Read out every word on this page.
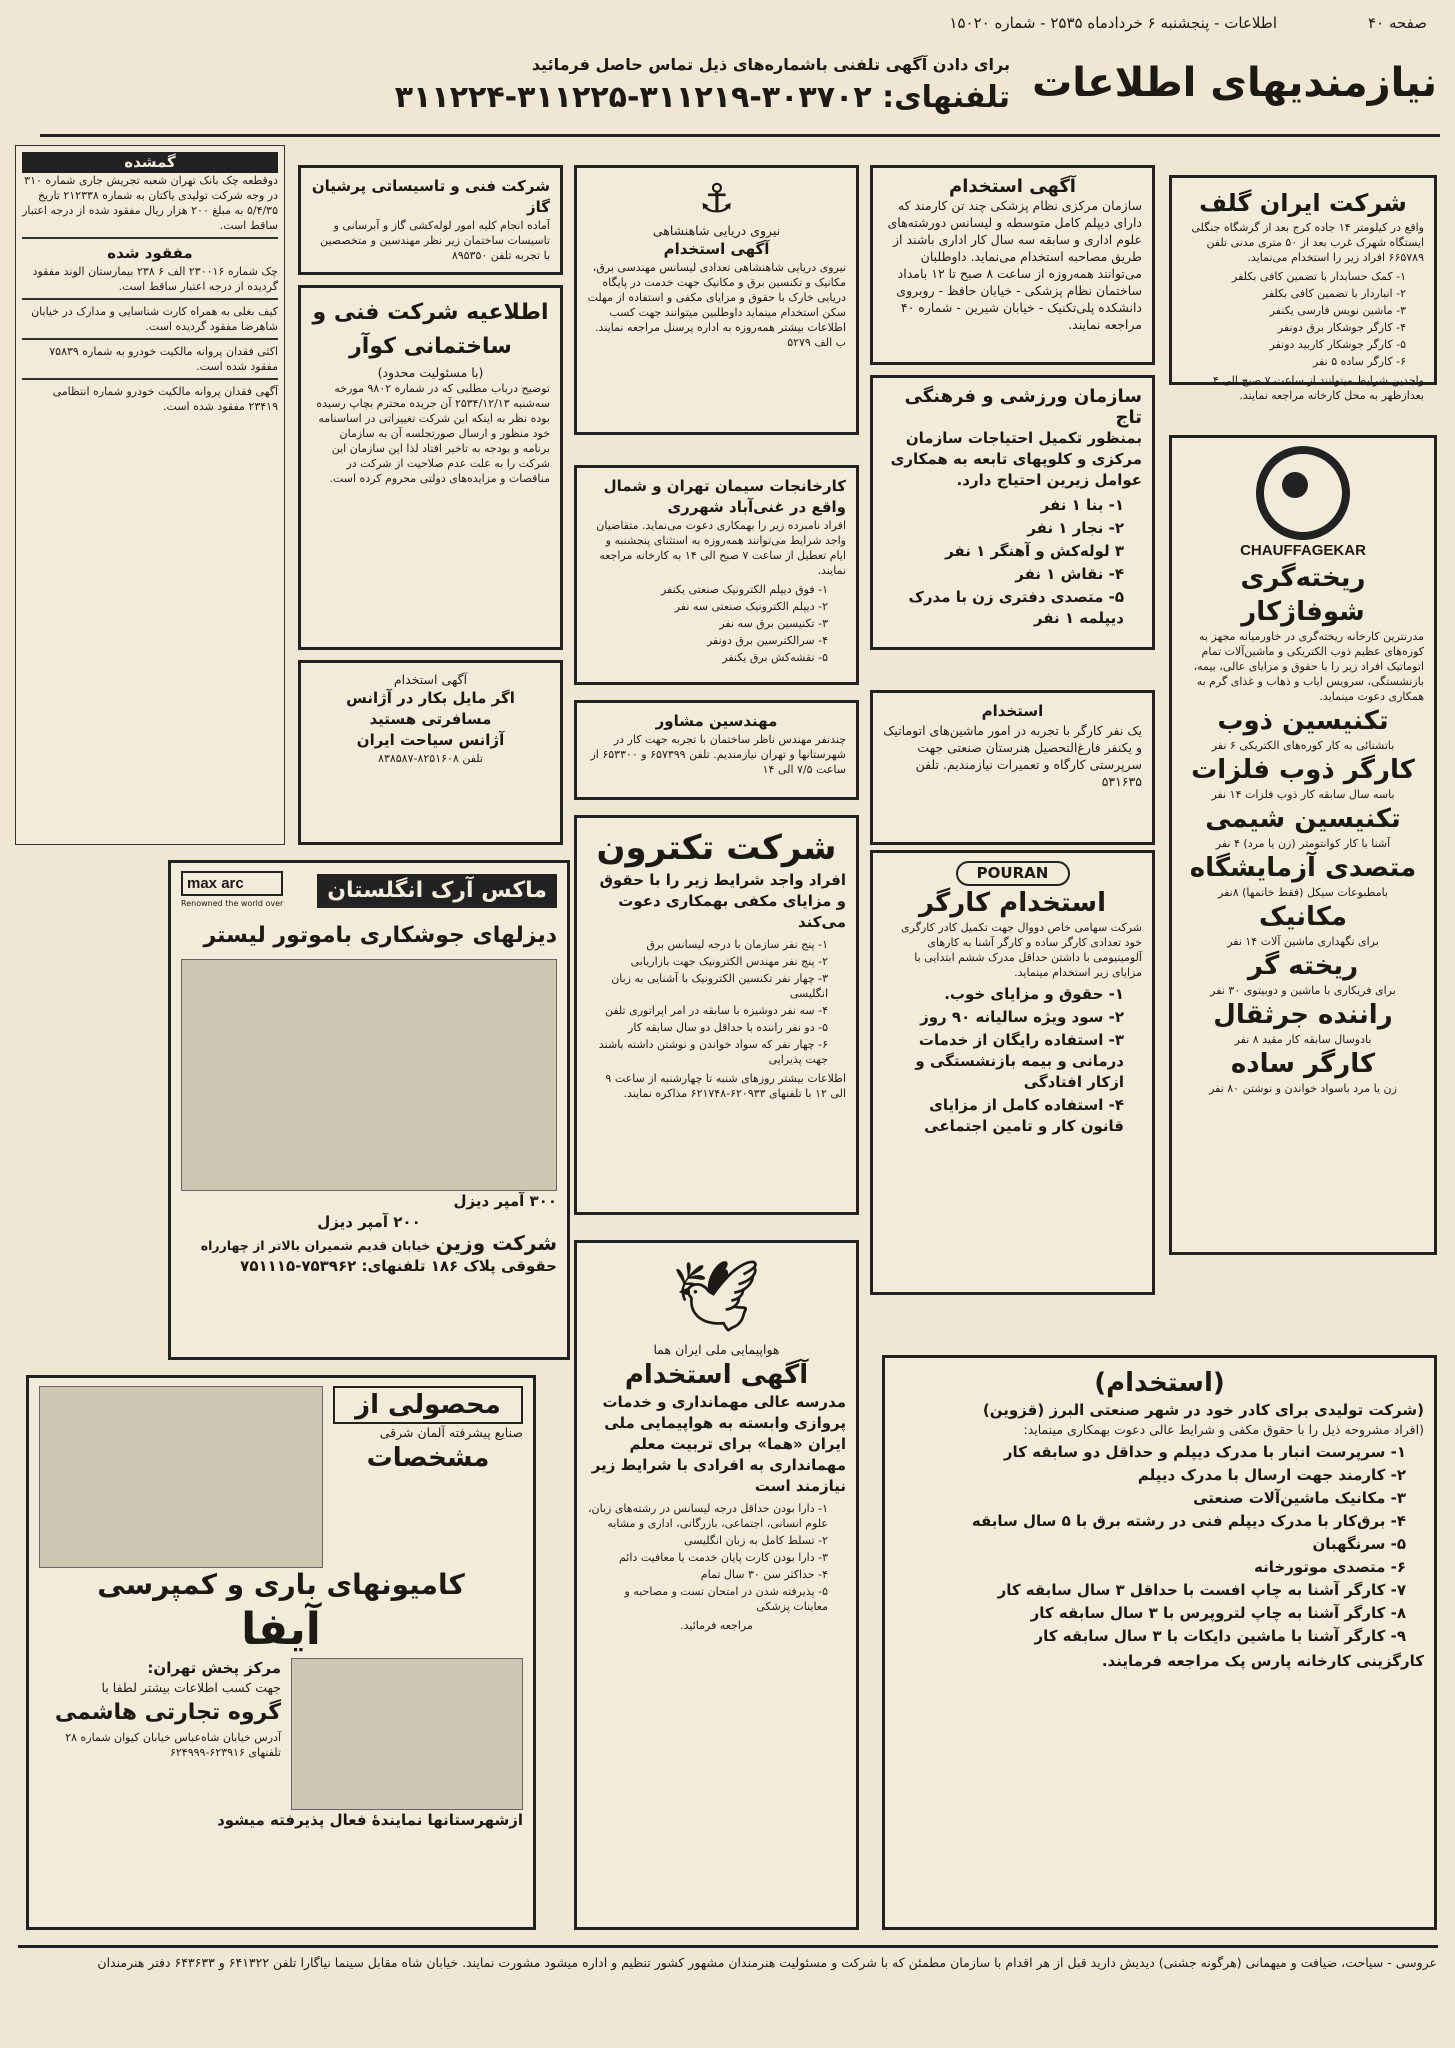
صفحه ۴۰
اطلاعات - پنجشنبه ۶ خردادماه ۲۵۳۵ - شماره ۱۵۰۲۰
نیازمندیهای اطلاعات
برای دادن آگهی تلفنی باشماره‌های ذیل تماس حاصل فرمائید
تلفنهای: ۳۰۳۷۰۲-۳۱۱۲۱۹-۳۱۱۲۲۵-۳۱۱۲۲۴
شرکت ایران گلف
واقع در کیلومتر ۱۴ جاده کرج بعد از گرشگاه جنگلی ایستگاه شهرک غرب بعد از ۵۰ متری مدنی تلفن ۶۶۵۷۸۹ افراد زیر را استخدام می‌نماید.
۱- کمک حسابدار با تضمین کافی بکلفر
۲- انباردار با تضمین کافی بکلفر
۳- ماشین نویس فارسی یکنفر
۴- کارگر جوشکار برق دونفر
۵- کارگر جوشکار کاربید دونفر
۶- کارگر ساده ۵ نفر
واجدین شرایط میتوانند از ساعت ۷ صبح الی ۴ بعدازظهر به محل کارخانه مراجعه نمایند.
CHAUFFAGEKAR
ریخته‌گری شوفاژکار
مدرنترین کارخانه ریخته‌گری در خاورمیانه مجهز به کوره‌های عظیم ذوب الکتریکی و ماشین‌آلات تمام اتوماتیک افراد زیر را با حقوق و مزایای عالی، بیمه، بازنشستگی، سرویس ایاب و ذهاب و غذای گرم به همکاری دعوت مینماید.
تکنیسین ذوب
باتشنائی به کار کوره‌های الکتریکی ۶ نفر
کارگر ذوب فلزات
باسه سال سابقه کار ذوب فلزات ۱۴ نفر
تکنیسین شیمی
آشنا با کار کوانتومتر (زن یا مرد) ۴ نفر
متصدی آزمایشگاه
بامطبوعات سیکل (فقط خانمها) ۸نفر
مکانیک
برای نگهداری ماشین آلات ۱۴ نفر
ریخته گر
برای فریکاری با ماشین و دوبیتوی ۳۰ نفر
راننده جرثقال
بادوسال سابقه کار مقید ۸ نفر
کارگر ساده
زن یا مرد باسواد خواندن و نوشتن ۸۰ نفر
آگهی استخدام
سازمان مرکزی نظام پزشکی چند تن کارمند که دارای دیپلم کامل متوسطه و لیسانس دورشته‌های علوم اداری و سابقه سه سال کار اداری باشند از طریق مصاحبه استخدام می‌نماید. داوطلبان می‌توانند همه‌روزه از ساعت ۸ صبح تا ۱۲ بامداد ساختمان نظام پزشکی - خیابان حافظ - روبروی دانشکده پلی‌تکنیک - خیابان شیرین - شماره ۴۰ مراجعه نمایند.
سازمان ورزشی و فرهنگی تاج
بمنظور تکمیل احتیاجات سازمان مرکزی و کلوپهای تابعه به همکاری عوامل زیرین احتیاج دارد.
۱- بنا ۱ نفر
۲- نجار ۱ نفر
۳ لوله‌کش و آهنگر ۱ نفر
۴- نقاش ۱ نفر
۵- متصدی دفتری زن با مدرک دیپلمه ۱ نفر
استخدام
یک نفر کارگر با تجربه در امور ماشین‌های اتوماتیک و یکنفر فارغ‌التحصیل هنرستان صنعتی جهت سرپرستی کارگاه و تعمیرات نیازمندیم. تلفن ۵۳۱۶۳۵
POURAN
استخدام کارگر
شرکت سهامی خاص دووال جهت تکمیل کادر کارگری خود تعدادی کارگر ساده و کارگر آشنا به کارهای آلومینیومی با داشتن حداقل مدرک ششم ابتدایی با مزایای زیر استخدام مینماید.
۱- حقوق و مزایای خوب.
۲- سود ویژه سالیانه ۹۰ روز
۳- استفاده رایگان از خدمات درمانی و بیمه بازنشستگی و ازکار افتادگی
۴- استفاده کامل از مزایای قانون کار و تامین اجتماعی
⚓
نیروی دریایی شاهنشاهی
آگهی استخدام
نیروی دریایی شاهنشاهی تعدادی لیسانس مهندسی برق، مکانیک و تکنسین برق و مکانیک جهت خدمت در پایگاه دریایی خارک با حقوق و مزایای مکفی و استفاده از مهلت سکن استخدام مینماید داوطلبین میتوانند جهت کسب اطلاعات بیشتر همه‌روزه به اداره پرسنل مراجعه نمایند.
ب الف ۵۲۷۹
کارخانجات سیمان تهران و شمال
واقع در غنی‌آباد شهرری
افراد نامبرده زیر را بهمکاری دعوت می‌نماید. متقاضیان واجد شرایط می‌توانند همه‌روزه به استثنای پنجشنبه و ایام تعطیل از ساعت ۷ صبح الی ۱۴ به کارخانه مراجعه نمایند.
۱- فوق دیپلم الکترونیک صنعتی یکنفر
۲- دیپلم الکترونیک صنعتی سه نفر
۳- تکنیسین برق سه نفر
۴- سرالکترسین برق دونفر
۵- نقشه‌کش برق یکنفر
مهندسین مشاور
چندنفر مهندس ناظر ساختمان با تجربه جهت کار در شهرستانها و تهران نیازمندیم. تلفن ۶۵۷۳۹۹ و ۶۵۳۳۰۰ از ساعت ۷/۵ الی ۱۴
شرکت تکترون
افراد واجد شرایط زیر را با حقوق و مزایای مکفی بهمکاری دعوت می‌کند
۱- پنج نفر سازمان با درجه لیسانس برق
۲- پنج نفر مهندس الکترونیک جهت بازاریابی
۳- چهار نفر تکنسین الکترونیک با آشنایی به زبان انگلیسی
۴- سه نفر دوشیزه با سابقه در امر اپراتوری تلفن
۵- دو نفر راننده با حداقل دو سال سابقه کار
۶- چهار نفر که سواد خواندن و نوشتن داشته باشند جهت پذیرایی
اطلاعات بیشتر روزهای شنبه تا چهارشنبه از ساعت ۹ الی ۱۲ با تلفنهای ۶۲۰۹۳۳-۶۲۱۷۴۸ مذاکره نمایند.
شرکت فنی و تاسیساتی پرشیان گاز
آماده انجام کلیه امور لوله‌کشی گاز و آبرسانی و تاسیسات ساختمان زیر نظر مهندسین و متخصصین با تجربه تلفن ۸۹۵۳۵۰
اطلاعیه شرکت فنی و ساختمانی کوآر
(با مسئولیت محدود)
توضیح درباب مطلبی که در شماره ۹۸۰۲ مورخه سه‌شنبه ۲۵۳۴/۱۲/۱۳ آن جریده محترم بچاپ رسیده بوده نظر به اینکه این شرکت تغییراتی در اساسنامه خود منظور و ارسال صورتجلسه آن به سازمان برنامه و بودجه به تاخیر افتاد لذا این سازمان این شرکت را به علت عدم صلاحیت از شرکت در مناقصات و مزایده‌های دولتی محروم کرده است.
آگهی استخدام
اگر مایل بکار در آژانس مسافرتی هستید
آژانس سیاحت ایران
تلفن ۸۲۵۱۶۰۸-۸۳۸۵۸۷
گمشده
دوقطعه چک بانک تهران شعبه تجریش جاری شماره ۳۱۰ در وجه شرکت تولیدی یاکتان به شماره ۲۱۲۳۳۸ تاریخ ۵/۴/۳۵ به مبلغ ۲۰۰ هزار ریال مفقود شده از درجه اعتبار ساقط است.
مفقود شده
چک شماره ۲۳۰۰۱۶ الف ۶ ۲۳۸ بیمارستان الوند مفقود گردیده از درجه اعتبار ساقط است.
کیف بغلی به همراه کارت شناسایی و مدارک در خیابان شاهرضا مفقود گردیده است.
اکثی فقدان پروانه مالکیت خودرو به شماره ۷۵۸۳۹ مفقود شده است.
آگهی فقدان پروانه مالکیت خودرو شماره انتظامی ۲۳۴۱۹ مفقود شده است.
ماکس آرک انگلستان
max arc
Renowned the world over
دیزلهای جوشکاری باموتور لیستر
۳۰۰ آمپر دیزل
۲۰۰ آمپر دیزل
شرکت وزین خیابان قدیم شمیران بالاتر از چهارراه
حقوقی پلاک ۱۸۶ تلفنهای: ۷۵۳۹۶۲-۷۵۱۱۱۵	🕊
هواپیمایی ملی ایران هما
آگهی استخدام
مدرسه عالی مهمانداری و خدمات پروازی وابسته به هواپیمایی ملی ایران «هما» برای تربیت معلم مهمانداری به افرادی با شرایط زیر نیازمند است
۱- دارا بودن حداقل درجه لیسانس در رشته‌های زبان، علوم انسانی، اجتماعی، بازرگانی، اداری و مشابه
۲- تسلط کامل به زبان انگلیسی
۳- دارا بودن کارت پایان خدمت یا معافیت دائم
۴- حداکثر سن ۳۰ سال تمام
۵- پذیرفته شدن در امتحان تست و مصاحبه و معاینات پزشکی
مراجعه فرمائید.
(استخدام)
(شرکت تولیدی برای کادر خود در شهر صنعتی البرز (قزوین)
(افراد مشروحه ذیل را با حقوق مکفی و شرایط عالی دعوت بهمکاری مینماید:
۱- سرپرست انبار با مدرک دیپلم و حداقل دو سابقه کار
۲- کارمند جهت ارسال با مدرک دیپلم
۳- مکانیک ماشین‌آلات صنعتی
۴- برق‌کار با مدرک دیپلم فنی در رشته برق با ۵ سال سابقه
۵- سرنگهبان
۶- متصدی موتورخانه
۷- کارگر آشنا به چاپ افست با حداقل ۳ سال سابقه کار
۸- کارگر آشنا به چاپ لتروپرس با ۳ سال سابقه کار
۹- کارگر آشنا با ماشین دایکات با ۳ سال سابقه کار
کارگزینی کارخانه پارس پک مراجعه فرمایند.
محصولی از
صنایع پیشرفته آلمان شرقی
مشخصات
کامیونهای باری و کمپرسی
آیفا
مرکز پخش تهران:
جهت کسب اطلاعات بیشتر لطفا با
گروه تجارتی هاشمی
آدرس خیابان شاه‌عباس خیابان کیوان شماره ۲۸ تلفنهای ۶۲۳۹۱۶-۶۲۴۹۹۹
ازشهرستانها نمایندۀ فعال پذیرفته میشود
عروسی - سیاحت، ضیافت و میهمانی (هرگونه جشنی) دیدیش دارید قبل از هر اقدام با سازمان مطمئن که با شرکت و مسئولیت هنرمندان مشهور کشور تنظیم و اداره میشود مشورت نمایند. خیابان شاه مقابل سینما نیاگارا تلفن ۶۴۱۳۲۲ و ۶۴۳۶۳۳ دفتر هنرمندان
